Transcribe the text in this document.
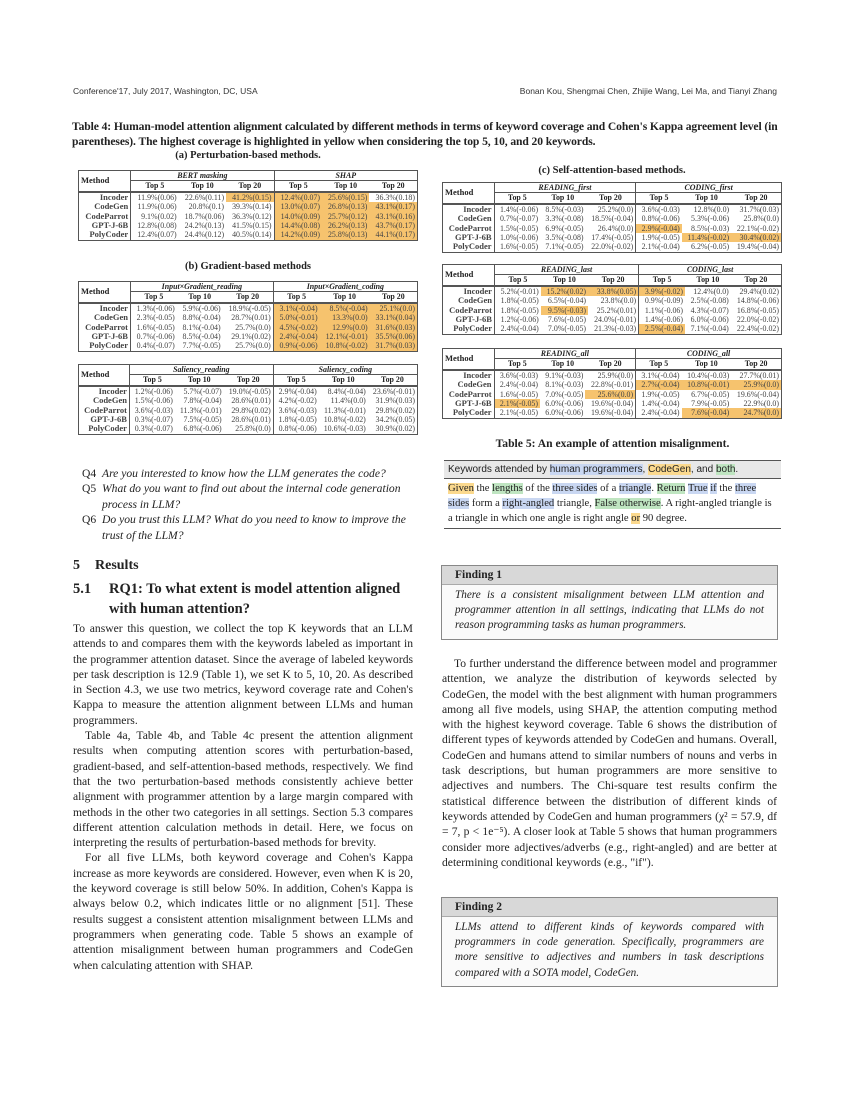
Conference'17, July 2017, Washington, DC, USA	Bonan Kou, Shengmai Chen, Zhijie Wang, Lei Ma, and Tianyi Zhang
Table 4: Human-model attention alignment calculated by different methods in terms of keyword coverage and Cohen's Kappa agreement level (in parentheses). The highest coverage is highlighted in yellow when considering the top 5, 10, and 20 keywords.
(a) Perturbation-based methods.
(b) Gradient-based methods
(c) Self-attention-based methods.
Table 5: An example of attention misalignment.
Keywords attended by human programmers, CodeGen, and both.
Given the lengths of the three sides of a triangle. Return True if the three sides form a right-angled triangle, False otherwise. A right-angled triangle is a triangle in which one angle is right angle or 90 degree.
Q4 Are you interested to know how the LLM generates the code?
Q5 What do you want to find out about the internal code generation process in LLM?
Q6 Do you trust this LLM? What do you need to know to improve the trust of the LLM?
5 Results
5.1	RQ1: To what extent is model attention aligned with human attention?

To answer this question, we collect the top K keywords that an LLM attends to and compares them with the keywords labeled as important in the programmer attention dataset. Since the average of labeled keywords per task description is 12.9 (Table 1), we set K to 5, 10, 20. As described in Section 4.3, we use two metrics, keyword coverage rate and Cohen's Kappa to measure the attention alignment between LLMs and human programmers.

Table 4a, Table 4b, and Table 4c present the attention alignment results when computing attention scores with perturbation-based, gradient-based, and self-attention-based methods, respectively. We find that the two perturbation-based methods consistently achieve better alignment with programmer attention by a large margin compared with methods in the other two categories in all settings. Section 5.3 compares different attention calculation methods in detail. Here, we focus on interpreting the results of perturbation-based methods for brevity.

For all five LLMs, both keyword coverage and Cohen's Kappa increase as more keywords are considered. However, even when K is 20, the keyword coverage is still below 50%. In addition, Cohen's Kappa is always below 0.2, which indicates little or no alignment [51]. These results suggest a consistent attention misalignment between LLMs and programmers when generating code. Table 5 shows an example of attention misalignment between human programmers and CodeGen when calculating attention with SHAP.

Finding 1
There is a consistent misalignment between LLM attention and programmer attention in all settings, indicating that LLMs do not reason programming tasks as human programmers.

To further understand the difference between model and programmer attention, we analyze the distribution of keywords selected by CodeGen, the model with the best alignment with human programmers among all five models, using SHAP, the attention computing method with the highest keyword coverage. Table 6 shows the distribution of different types of keywords attended by CodeGen and humans. Overall, CodeGen and humans attend to similar numbers of nouns and verbs in task descriptions, but human programmers are more sensitive to adjectives and numbers. The Chi-square test results confirm the statistical difference between the distribution of different kinds of keywords attended by CodeGen and human programmers (χ² = 57.9, df = 7, p < 1e⁻⁵). A closer look at Table 5 shows that human programmers consider more adjectives/adverbs (e.g., right-angled) and are better at determining conditional keywords (e.g., "if").

Finding 2
LLMs attend to different kinds of keywords compared with programmers in code generation. Specifically, programmers are more sensitive to adjectives and numbers in task descriptions compared with a SOTA model, CodeGen.
Method	BERT masking			SHAP		
	Top 5	Top 10	Top 20	Top 5	Top 10	Top 20
Incoder	11.9%(0.06)	22.6%(0.11)	41.2%(0.15)	12.4%(0.07)	25.6%(0.15)	36.3%(0.18)
CodeGen	11.9%(0.06)	20.8%(0.1)	39.3%(0.14)	13.0%(0.07)	26.8%(0.13)	43.1%(0.17)
CodeParrot	9.1%(0.02)	18.7%(0.06)	36.3%(0.12)	14.0%(0.09)	25.7%(0.12)	43.1%(0.16)
GPT-J-6B	12.8%(0.08)	24.2%(0.13)	41.5%(0.15)	14.4%(0.08)	26.2%(0.13)	43.7%(0.17)
PolyCoder	12.4%(0.07)	24.4%(0.12)	40.5%(0.14)	14.2%(0.09)	25.8%(0.13)	44.1%(0.17)
Method	Input×Gradient_reading			Input×Gradient_coding		
	Top 5	Top 10	Top 20	Top 5	Top 10	Top 20
Incoder	1.3%(-0.06)	5.9%(-0.06)	18.9%(-0.05)	3.1%(-0.04)	8.5%(-0.04)	25.1%(0.0)
CodeGen	2.3%(-0.05)	8.8%(-0.04)	28.7%(0.01)	5.0%(-0.01)	13.3%(0.0)	33.1%(0.04)
CodeParrot	1.6%(-0.05)	8.1%(-0.04)	25.7%(0.0)	4.5%(-0.02)	12.9%(0.0)	31.6%(0.03)
GPT-J-6B	0.7%(-0.06)	8.5%(-0.04)	29.1%(0.02)	2.4%(-0.04)	12.1%(-0.01)	35.5%(0.06)
PolyCoder	0.4%(-0.07)	7.7%(-0.05)	25.7%(0.0)	0.9%(-0.06)	10.8%(-0.02)	31.7%(0.03)
Method	Saliency_reading			Saliency_coding		
	Top 5	Top 10	Top 20	Top 5	Top 10	Top 20
Incoder	1.2%(-0.06)	5.7%(-0.07)	19.0%(-0.05)	2.9%(-0.04)	8.4%(-0.04)	23.6%(-0.01)
CodeGen	1.5%(-0.06)	7.8%(-0.04)	28.6%(0.01)	4.2%(-0.02)	11.4%(0.0)	31.9%(0.03)
CodeParrot	3.6%(-0.03)	11.3%(-0.01)	29.8%(0.02)	3.6%(-0.03)	11.3%(-0.01)	29.8%(0.02)
GPT-J-6B	0.3%(-0.07)	7.5%(-0.05)	28.6%(0.01)	1.8%(-0.05)	10.8%(-0.02)	34.2%(0.05)
PolyCoder	0.3%(-0.07)	6.8%(-0.06)	25.8%(0.0)	0.8%(-0.06)	10.6%(-0.03)	30.9%(0.02)
Method	READING_first			CODING_first		
	Top 5	Top 10	Top 20	Top 5	Top 10	Top 20
Incoder	1.4%(-0.06)	8.5%(-0.03)	25.2%(0.0)	3.6%(-0.03)	12.8%(0.0)	31.7%(0.03)
CodeGen	0.7%(-0.07)	3.3%(-0.08)	18.5%(-0.04)	0.8%(-0.06)	5.3%(-0.06)	25.8%(0.0)
CodeParrot	1.5%(-0.05)	6.9%(-0.05)	26.4%(0.0)	2.9%(-0.04)	8.5%(-0.03)	22.1%(-0.02)
GPT-J-6B	1.0%(-0.06)	3.5%(-0.08)	17.4%(-0.05)	1.9%(-0.05)	11.4%(-0.02)	30.4%(0.02)
PolyCoder	1.6%(-0.05)	7.1%(-0.05)	22.0%(-0.02)	2.1%(-0.04)	6.2%(-0.05)	19.4%(-0.04)
Method	READING_last			CODING_last		
	Top 5	Top 10	Top 20	Top 5	Top 10	Top 20
Incoder	5.2%(-0.01)	15.2%(0.02)	33.8%(0.05)	3.9%(-0.02)	12.4%(0.0)	29.4%(0.02)
CodeGen	1.8%(-0.05)	6.5%(-0.04)	23.8%(0.0)	0.9%(-0.09)	2.5%(-0.08)	14.8%(-0.06)
CodeParrot	1.8%(-0.05)	9.5%(-0.03)	25.2%(0.01)	1.1%(-0.06)	4.3%(-0.07)	16.8%(-0.05)
GPT-J-6B	1.2%(-0.06)	7.6%(-0.05)	24.0%(-0.01)	1.4%(-0.06)	6.0%(-0.06)	22.0%(-0.02)
PolyCoder	2.4%(-0.04)	7.0%(-0.05)	21.3%(-0.03)	2.5%(-0.04)	7.1%(-0.04)	22.4%(-0.02)
Method	READING_all			CODING_all		
	Top 5	Top 10	Top 20	Top 5	Top 10	Top 20
Incoder	3.6%(-0.03)	9.1%(-0.03)	25.9%(0.0)	3.1%(-0.04)	10.4%(-0.03)	27.7%(0.01)
CodeGen	2.4%(-0.04)	8.1%(-0.03)	22.8%(-0.01)	2.7%(-0.04)	10.8%(-0.01)	25.9%(0.0)
CodeParrot	1.6%(-0.05)	7.0%(-0.05)	25.6%(0.0)	1.9%(-0.05)	6.7%(-0.05)	19.6%(-0.04)
GPT-J-6B	2.1%(-0.05)	6.0%(-0.06)	19.6%(-0.04)	1.4%(-0.04)	7.9%(-0.05)	22.9%(0.0)
PolyCoder	2.1%(-0.05)	6.0%(-0.06)	19.6%(-0.04)	2.4%(-0.04)	7.6%(-0.04)	24.7%(0.0)
